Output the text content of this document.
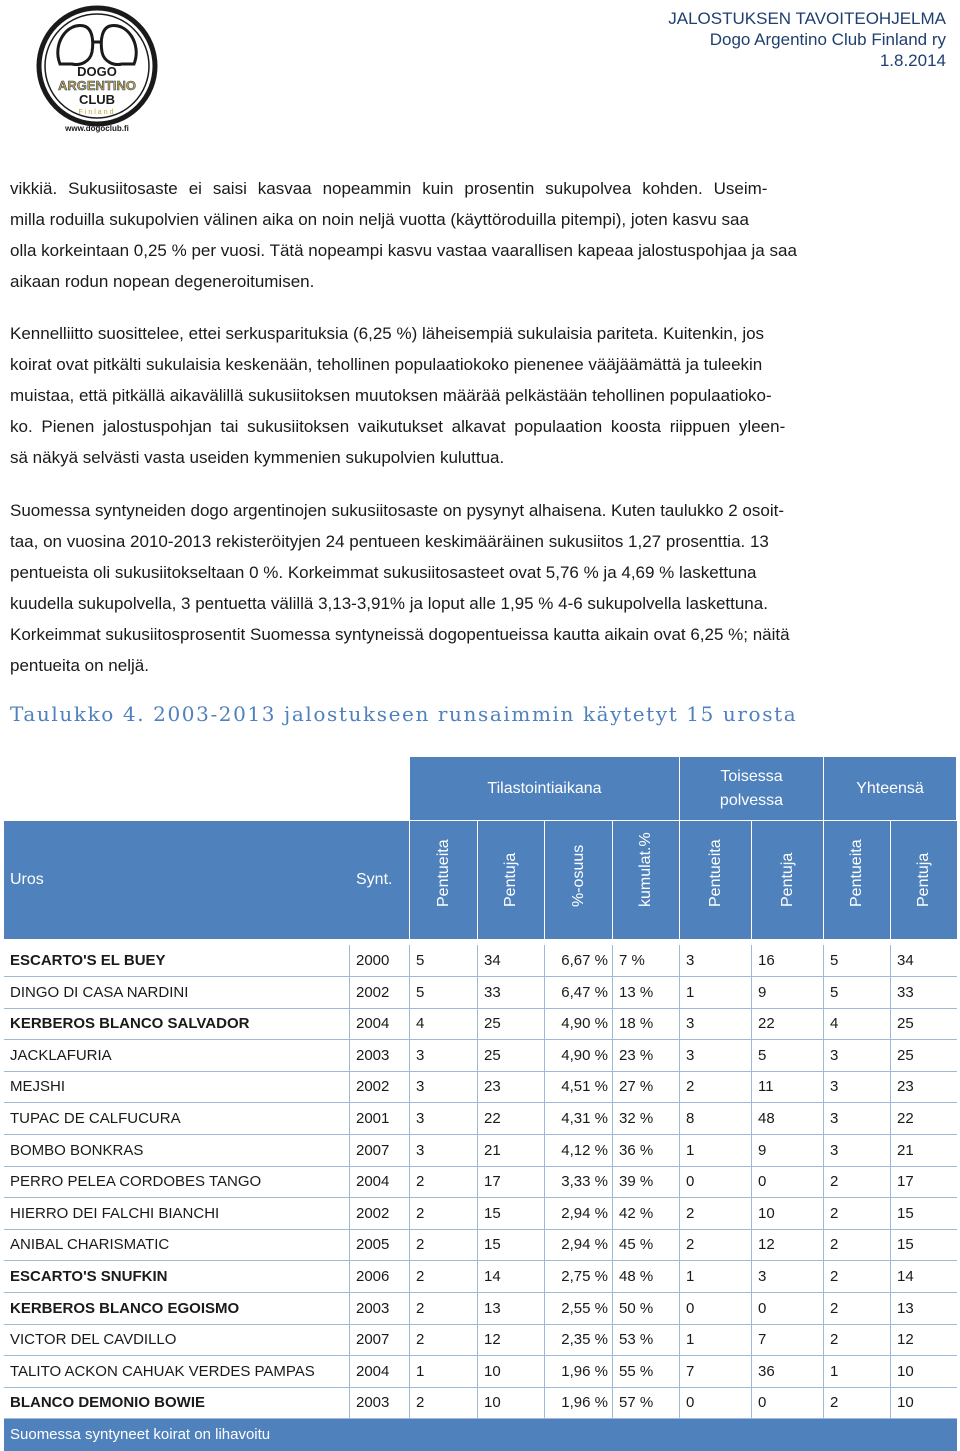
DOGO
ARGENTINO
CLUB
Finland
www.dogoclub.fi
JALOSTUKSEN TAVOITEOHJELMA
Dogo Argentino Club Finland ry
1.8.2014
vikkiä. Sukusiitosaste ei saisi kasvaa nopeammin kuin prosentin sukupolvea kohden. Useim-
milla roduilla sukupolvien välinen aika on noin neljä vuotta (käyttöroduilla pitempi), joten kasvu saa
olla korkeintaan 0,25 % per vuosi. Tätä nopeampi kasvu vastaa vaarallisen kapeaa jalostuspohjaa ja saa
aikaan rodun nopean degeneroitumisen.
Kennelliitto suosittelee, ettei serkusparituksia (6,25 %) läheisempiä sukulaisia pariteta. Kuitenkin, jos
koirat ovat pitkälti sukulaisia keskenään, tehollinen populaatiokoko pienenee vääjäämättä ja tuleekin
muistaa, että pitkällä aikavälillä sukusiitoksen muutoksen määrää pelkästään tehollinen populaatioko-
ko. Pienen jalostuspohjan tai sukusiitoksen vaikutukset alkavat populaation koosta riippuen yleen-
sä näkyä selvästi vasta useiden kymmenien sukupolvien kuluttua.
Suomessa syntyneiden dogo argentinojen sukusiitosaste on pysynyt alhaisena. Kuten taulukko 2 osoit-
taa, on vuosina 2010-2013 rekisteröityjen 24 pentueen keskimääräinen sukusiitos 1,27 prosenttia. 13
pentueista oli sukusiitokseltaan 0 %. Korkeimmat sukusiitosasteet ovat 5,76 % ja 4,69 % laskettuna
kuudella sukupolvella, 3 pentuetta välillä 3,13-3,91% ja loput alle 1,95 % 4-6 sukupolvella laskettuna.
Korkeimmat sukusiitosprosentit Suomessa syntyneissä dogopentueissa kautta aikain ovat 6,25 %; näitä
pentueita on neljä.
Taulukko 4. 2003-2013 jalostukseen runsaimmin käytetyt 15 urosta
Tilastointiaikana
Toisessa polvessa
Yhteensä
Uros	Synt.	Pentueita	Pentuja	%-osuus	kumulat.%	Pentueita	Pentuja	Pentueita	Pentuja
ESCARTO'S EL BUEY	2000	5	34	6,67 % 7 %	3	16	5	34
DINGO DI CASA NARDINI	2002	5	33	6,47 % 13 %	1	9	5	33
KERBEROS BLANCO SALVADOR	2004	4	25	4,90 % 18 %	3	22	4	25
JACKLAFURIA	2003	3	25	4,90 % 23 %	3	5	3	25
MEJSHI	2002	3	23	4,51 % 27 %	2	11	3	23
TUPAC DE CALFUCURA	2001	3	22	4,31 % 32 %	8	48	3	22
BOMBO BONKRAS	2007	3	21	4,12 % 36 %	1	9	3	21
PERRO PELEA CORDOBES TANGO	2004	2	17	3,33 % 39 %	0	0	2	17
HIERRO DEI FALCHI BIANCHI	2002	2	15	2,94 % 42 %	2	10	2	15
ANIBAL CHARISMATIC	2005	2	15	2,94 % 45 %	2	12	2	15
ESCARTO'S SNUFKIN	2006	2	14	2,75 % 48 %	1	3	2	14
KERBEROS BLANCO EGOISMO	2003	2	13	2,55 % 50 %	0	0	2	13
VICTOR DEL CAVDILLO	2007	2	12	2,35 % 53 %	1	7	2	12
TALITO ACKON CAHUAK VERDES PAMPAS	2004	1	10	1,96 % 55 %	7	36	1	10
BLANCO DEMONIO BOWIE	2003	2	10	1,96 % 57 %	0	0	2	10
Suomessa syntyneet koirat on lihavoitu
